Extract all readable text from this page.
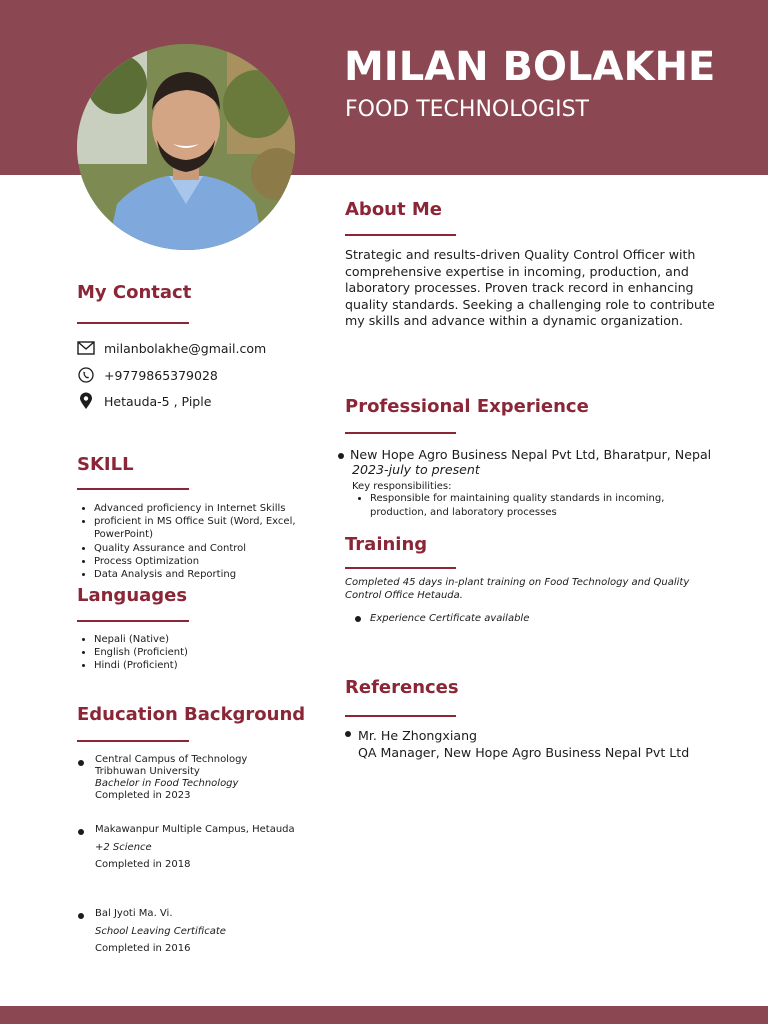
MILAN BOLAKHE
FOOD TECHNOLOGIST
My Contact
milanbolakhe@gmail.com
+9779865379028
Hetauda-5 , Piple
SKILL
• Advanced proficiency in Internet Skills
• proficient in MS Office Suit (Word, Excel, PowerPoint)
• Quality Assurance and Control
• Process Optimization
• Data Analysis and Reporting
Languages
• Nepali (Native)
• English (Proficient)
• Hindi (Proficient)
Education Background
Central Campus of Technology
Tribhuwan University
Bachelor in Food Technology
Completed in 2023
Makawanpur Multiple Campus, Hetauda
+2 Science
Completed in 2018
Bal Jyoti Ma. Vi.
School Leaving Certificate
Completed in 2016
About Me
Strategic and results-driven Quality Control Officer with comprehensive expertise in incoming, production, and laboratory processes. Proven track record in enhancing quality standards. Seeking a challenging role to contribute my skills and advance within a dynamic organization.
Professional Experience
New Hope Agro Business Nepal Pvt Ltd, Bharatpur, Nepal
2023-july to present
Key responsibilities:
• Responsible for maintaining quality standards in incoming, production, and laboratory processes
Training
Completed 45 days in-plant training on Food Technology and Quality Control Office Hetauda.
Experience Certificate available
References
Mr. He Zhongxiang
QA Manager, New Hope Agro Business Nepal Pvt Ltd
